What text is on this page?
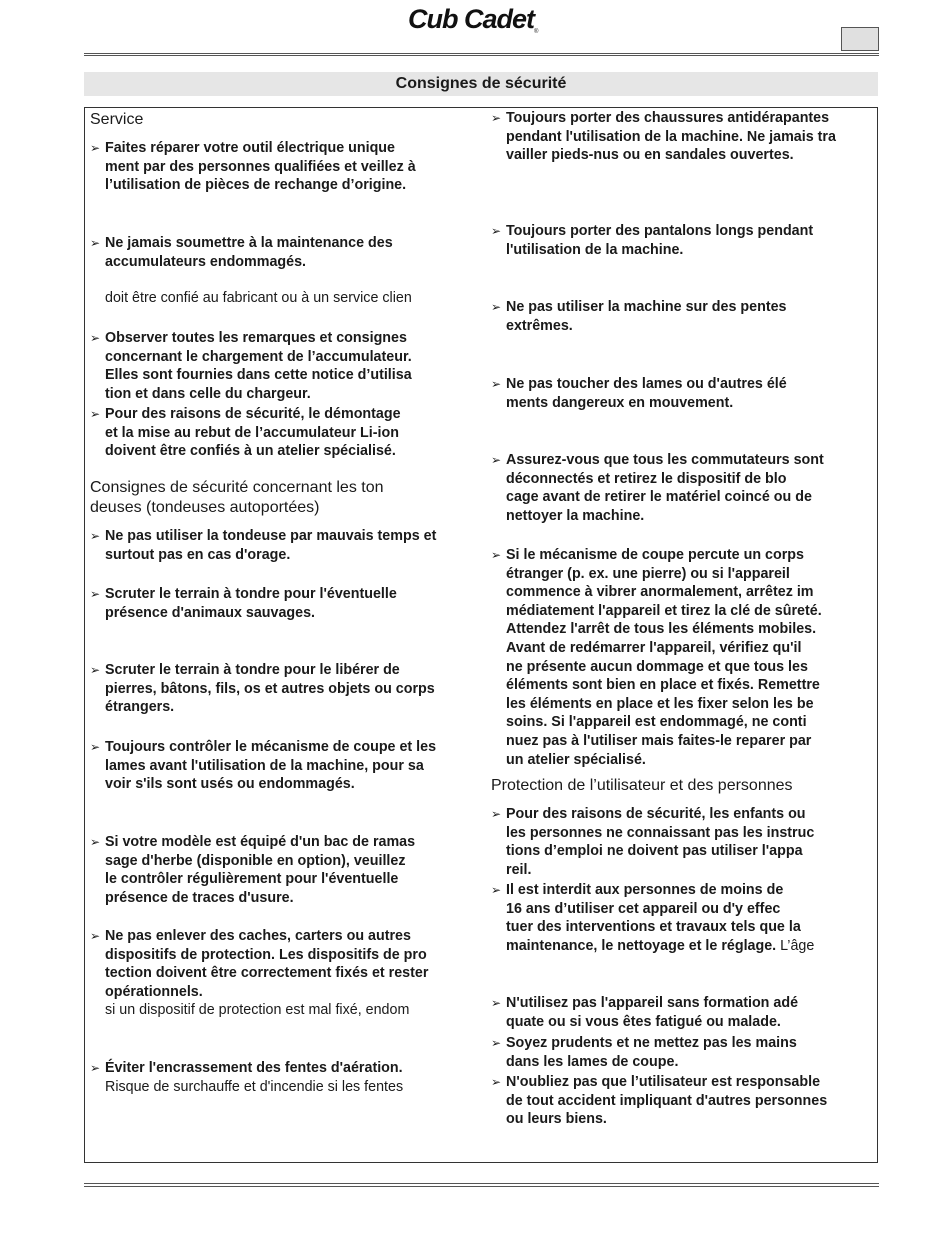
Cub Cadet®
Consignes de sécurité

Service

➢ Faites réparer votre outil électrique unique
ment par des personnes qualifiées et veillez à
l’utilisation de pièces de rechange d’origine.
➢ Ne jamais soumettre à la maintenance des
accumulateurs endommagés.
doit être confié au fabricant ou à un service clien
➢ Observer toutes les remarques et consignes
concernant le chargement de l’accumulateur.
Elles sont fournies dans cette notice d’utilisa
tion et dans celle du chargeur.
➢ Pour des raisons de sécurité, le démontage
et la mise au rebut de l’accumulateur Li-ion
doivent être confiés à un atelier spécialisé.

Consignes de sécurité concernant les ton
deuses (tondeuses autoportées)

➢ Ne pas utiliser la tondeuse par mauvais temps et
surtout pas en cas d'orage.
➢ Scruter le terrain à tondre pour l'éventuelle
présence d'animaux sauvages.
➢ Scruter le terrain à tondre pour le libérer de
pierres, bâtons, fils, os et autres objets ou corps
étrangers.
➢ Toujours contrôler le mécanisme de coupe et les
lames avant l'utilisation de la machine, pour sa
voir s'ils sont usés ou endommagés.
➢ Si votre modèle est équipé d'un bac de ramas
sage d'herbe (disponible en option), veuillez
le contrôler régulièrement pour l'éventuelle
présence de traces d'usure.
➢ Ne pas enlever des caches, carters ou autres
dispositifs de protection. Les dispositifs de pro
tection doivent être correctement fixés et rester
opérationnels.
si un dispositif de protection est mal fixé, endom
➢ Éviter l'encrassement des fentes d'aération.
Risque de surchauffe et d'incendie si les fentes
➢ Toujours porter des chaussures antidérapantes
pendant l'utilisation de la machine. Ne jamais tra
vailler pieds-nus ou en sandales ouvertes.
➢ Toujours porter des pantalons longs pendant
l'utilisation de la machine.
➢ Ne pas utiliser la machine sur des pentes
extrêmes.
➢ Ne pas toucher des lames ou d'autres élé
ments dangereux en mouvement.
➢ Assurez-vous que tous les commutateurs sont
déconnectés et retirez le dispositif de blo
cage avant de retirer le matériel coincé ou de
nettoyer la machine.
➢ Si le mécanisme de coupe percute un corps
étranger (p. ex. une pierre) ou si l'appareil
commence à vibrer anormalement, arrêtez im
médiatement l'appareil et tirez la clé de sûreté.
Attendez l'arrêt de tous les éléments mobiles.
Avant de redémarrer l'appareil, vérifiez qu'il
ne présente aucun dommage et que tous les
éléments sont bien en place et fixés. Remettre
les éléments en place et les fixer selon les be
soins. Si l'appareil est endommagé, ne conti
nuez pas à l'utiliser mais faites-le reparer par
un atelier spécialisé.

Protection de l’utilisateur et des personnes

➢ Pour des raisons de sécurité, les enfants ou
les personnes ne connaissant pas les instruc
tions d’emploi ne doivent pas utiliser l'appa
reil.
➢ Il est interdit aux personnes de moins de
16 ans d’utiliser cet appareil ou d'y effec
tuer des interventions et travaux tels que la
maintenance, le nettoyage et le réglage. L’âge
➢ N'utilisez pas l'appareil sans formation adé
quate ou si vous êtes fatigué ou malade.
➢ Soyez prudents et ne mettez pas les mains
dans les lames de coupe.
➢ N'oubliez pas que l’utilisateur est responsable
de tout accident impliquant d'autres personnes
ou leurs biens.
